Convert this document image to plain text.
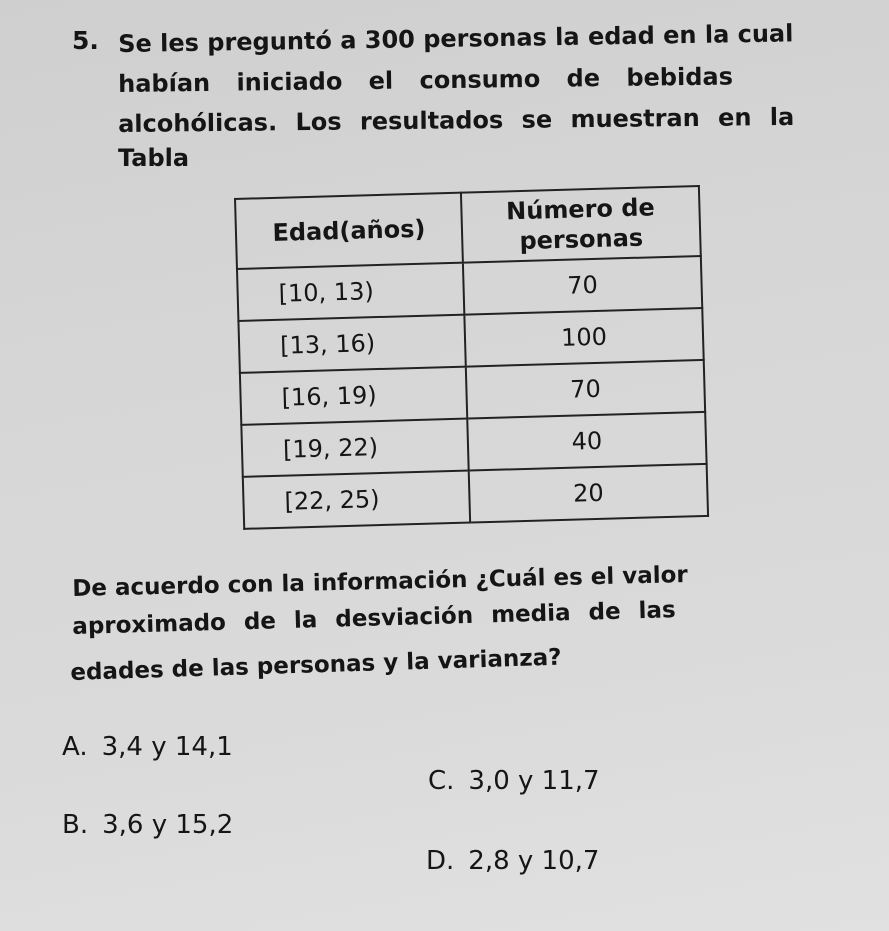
5. Se les preguntó a 300 personas la edad en la cual
habían iniciado el consumo de bebidas
alcohólicas. Los resultados se muestran en la
Tabla
Edad(años)	Número de personas
[10, 13)	70
[13, 16)	100
[16, 19)	70
[19, 22)	40
[22, 25)	20
De acuerdo con la información ¿Cuál es el valor
aproximado de la desviación media de las
edades de las personas y la varianza?
A. 3,4 y 14,1
B. 3,6 y 15,2
C. 3,0 y 11,7
D. 2,8 y 10,7
